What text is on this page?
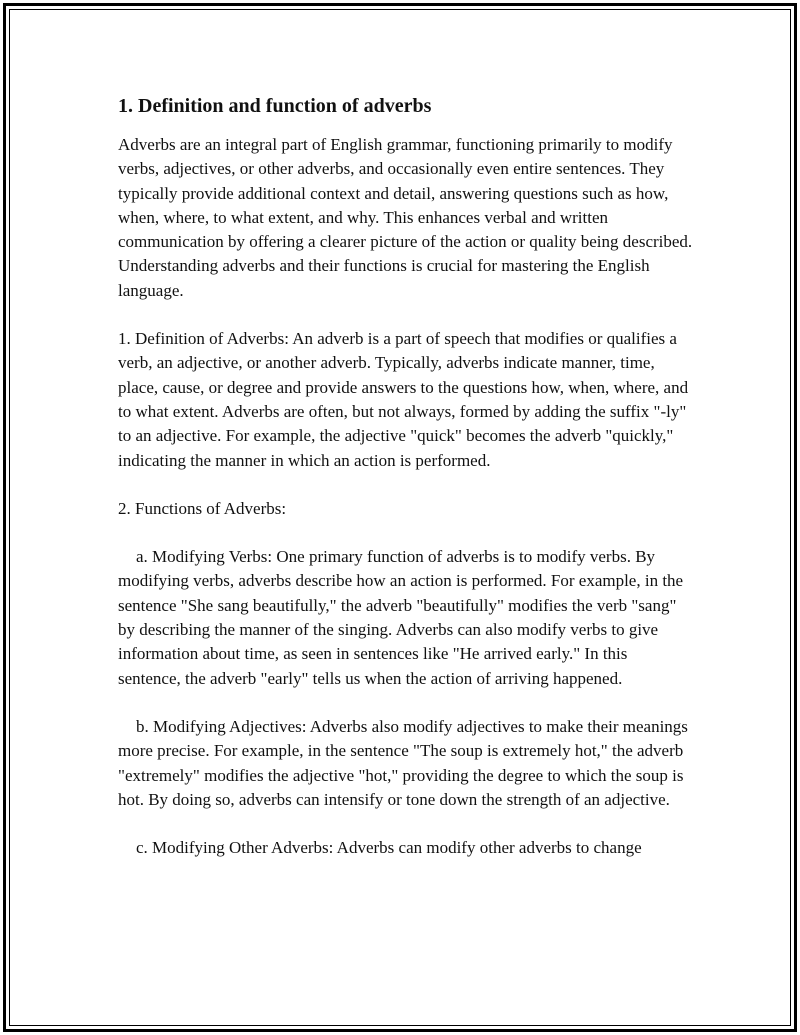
1. Definition and function of adverbs

Adverbs are an integral part of English grammar, functioning primarily to modify verbs, adjectives, or other adverbs, and occasionally even entire sentences. They typically provide additional context and detail, answering questions such as how, when, where, to what extent, and why. This enhances verbal and written communication by offering a clearer picture of the action or quality being described. Understanding adverbs and their functions is crucial for mastering the English language.

1. Definition of Adverbs: An adverb is a part of speech that modifies or qualifies a verb, an adjective, or another adverb. Typically, adverbs indicate manner, time, place, cause, or degree and provide answers to the questions how, when, where, and to what extent. Adverbs are often, but not always, formed by adding the suffix "-ly" to an adjective. For example, the adjective "quick" becomes the adverb "quickly," indicating the manner in which an action is performed.

2. Functions of Adverbs:

a. Modifying Verbs: One primary function of adverbs is to modify verbs. By modifying verbs, adverbs describe how an action is performed. For example, in the sentence "She sang beautifully," the adverb "beautifully" modifies the verb "sang" by describing the manner of the singing. Adverbs can also modify verbs to give information about time, as seen in sentences like "He arrived early." In this sentence, the adverb "early" tells us when the action of arriving happened.

b. Modifying Adjectives: Adverbs also modify adjectives to make their meanings more precise. For example, in the sentence "The soup is extremely hot," the adverb "extremely" modifies the adjective "hot," providing the degree to which the soup is hot. By doing so, adverbs can intensify or tone down the strength of an adjective.

c. Modifying Other Adverbs: Adverbs can modify other adverbs to change
